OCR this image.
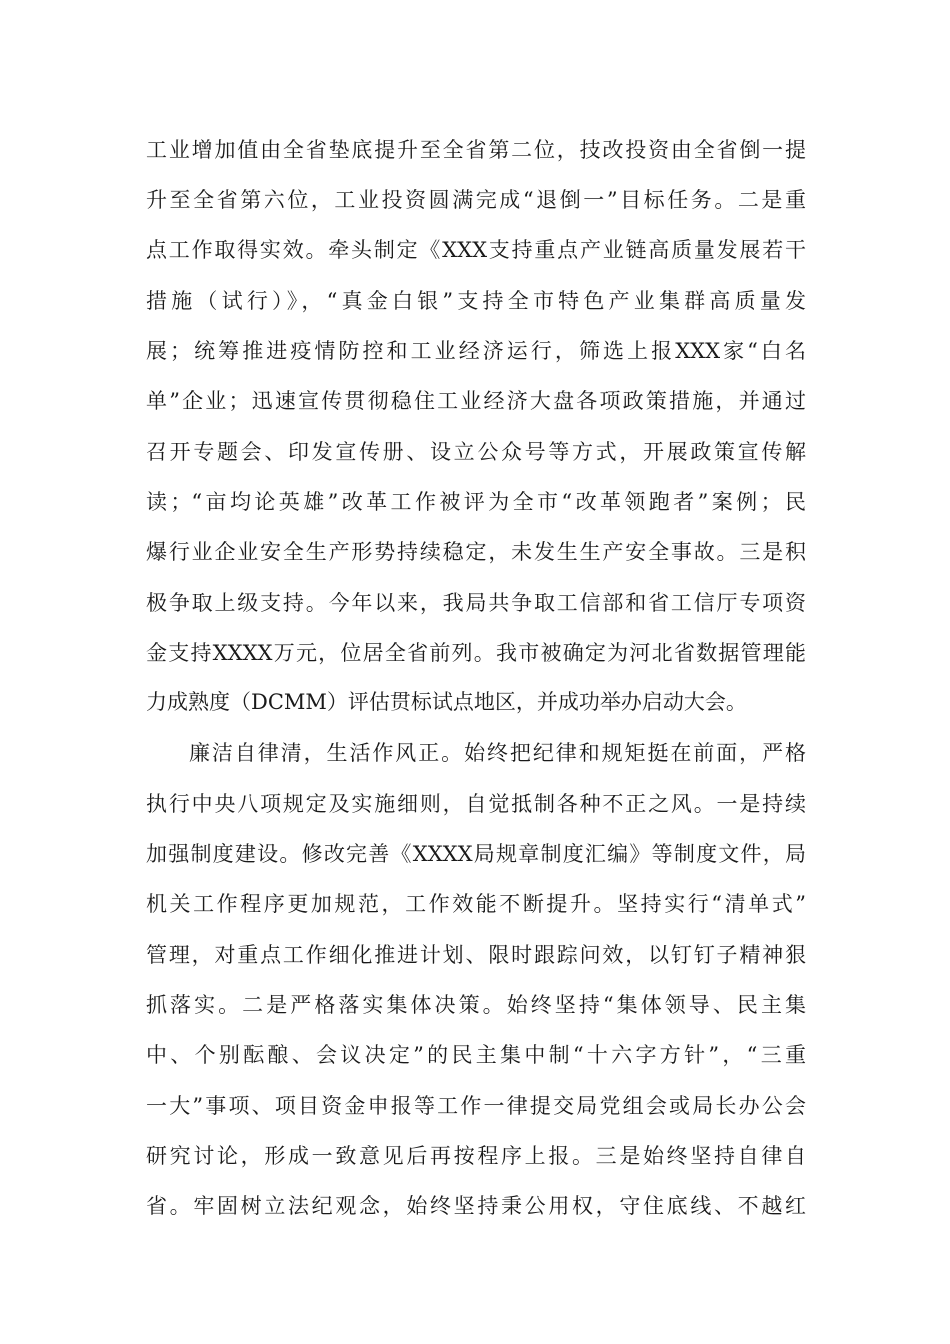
工业增加值由全省垫底提升至全省第二位，技改投资由全省倒一提
升至全省第六位，工业投资圆满完成“退倒一”目标任务。二是重
点工作取得实效。牵头制定《XXX支持重点产业链高质量发展若干
措施（试行）》，“真金白银”支持全市特色产业集群高质量发
展；统筹推进疫情防控和工业经济运行，筛选上报XXX家“白名
单”企业；迅速宣传贯彻稳住工业经济大盘各项政策措施，并通过
召开专题会、印发宣传册、设立公众号等方式，开展政策宣传解
读；“亩均论英雄”改革工作被评为全市“改革领跑者”案例；民
爆行业企业安全生产形势持续稳定，未发生生产安全事故。三是积
极争取上级支持。今年以来，我局共争取工信部和省工信厅专项资
金支持XXXX万元，位居全省前列。我市被确定为河北省数据管理能
力成熟度（DCMM）评估贯标试点地区，并成功举办启动大会。
廉洁自律清，生活作风正。始终把纪律和规矩挺在前面，严格
执行中央八项规定及实施细则，自觉抵制各种不正之风。一是持续
加强制度建设。修改完善《XXXX局规章制度汇编》等制度文件，局
机关工作程序更加规范，工作效能不断提升。坚持实行“清单式”
管理，对重点工作细化推进计划、限时跟踪问效，以钉钉子精神狠
抓落实。二是严格落实集体决策。始终坚持“集体领导、民主集
中、个别酝酿、会议决定”的民主集中制“十六字方针”，“三重
一大”事项、项目资金申报等工作一律提交局党组会或局长办公会
研究讨论，形成一致意见后再按程序上报。三是始终坚持自律自
省。牢固树立法纪观念，始终坚持秉公用权，守住底线、不越红
